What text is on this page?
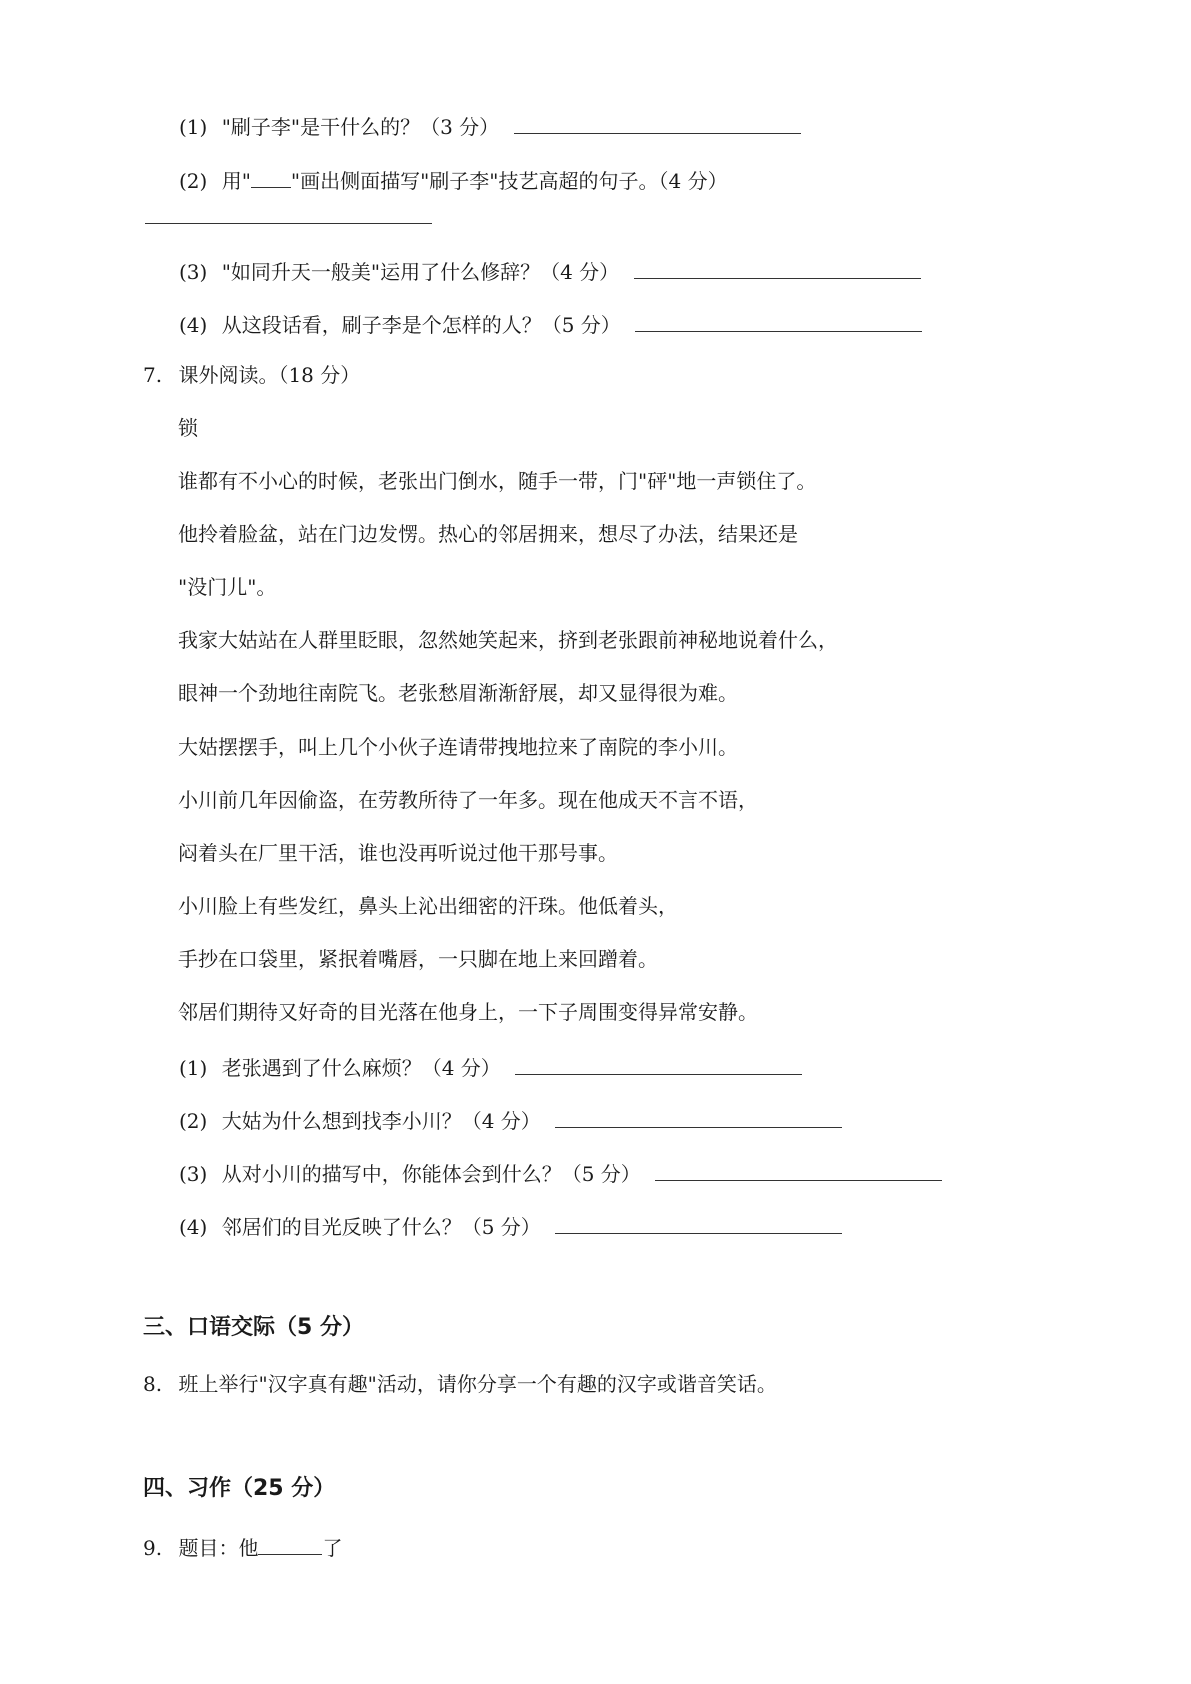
(1) "刷子李"是干什么的？（3 分）
(2) 用" "画出侧面描写"刷子李"技艺高超的句子。（4 分）
(3) "如同升天一般美"运用了什么修辞？（4 分）
(4) 从这段话看，刷子李是个怎样的人？（5 分）
7. 课外阅读。（18 分）
锁
谁都有不小心的时候，老张出门倒水，随手一带，门"砰"地一声锁住了。
他拎着脸盆，站在门边发愣。热心的邻居拥来，想尽了办法，结果还是
"没门儿"。
我家大姑站在人群里眨眼，忽然她笑起来，挤到老张跟前神秘地说着什么，
眼神一个劲地往南院飞。老张愁眉渐渐舒展，却又显得很为难。
大姑摆摆手，叫上几个小伙子连请带拽地拉来了南院的李小川。
小川前几年因偷盗，在劳教所待了一年多。现在他成天不言不语，
闷着头在厂里干活，谁也没再听说过他干那号事。
小川脸上有些发红，鼻头上沁出细密的汗珠。他低着头，
手抄在口袋里，紧抿着嘴唇，一只脚在地上来回蹭着。
邻居们期待又好奇的目光落在他身上，一下子周围变得异常安静。
(1) 老张遇到了什么麻烦？（4 分）
(2) 大姑为什么想到找李小川？（4 分）
(3) 从对小川的描写中，你能体会到什么？（5 分）
(4) 邻居们的目光反映了什么？（5 分）
三、口语交际（5 分）
8. 班上举行"汉字真有趣"活动，请你分享一个有趣的汉字或谐音笑话。
四、习作（25 分）
9. 题目：他	了
